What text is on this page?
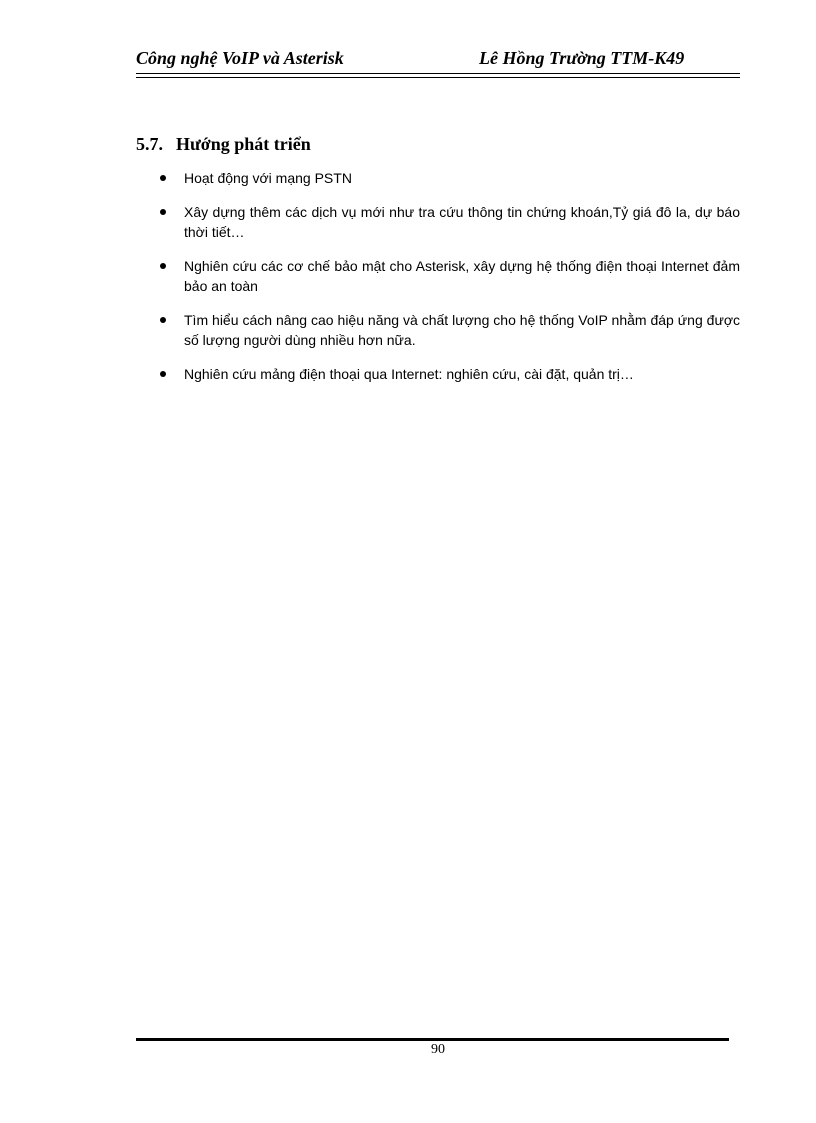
Công nghệ VoIP và Asterisk	Lê Hồng Trường TTM-K49
5.7. Hướng phát triển
Hoạt động với mạng PSTN
Xây dựng thêm các dịch vụ mới như tra cứu thông tin chứng khoán,Tỷ giá đô la, dự báo thời tiết…
Nghiên cứu các cơ chế bảo mật cho Asterisk, xây dựng hệ thống điện thoại Internet đảm bảo an toàn
Tìm hiểu cách nâng cao hiệu năng và chất lượng cho hệ thống VoIP nhằm đáp ứng được số lượng người dùng nhiều hơn nữa.
Nghiên cứu mảng điện thoại qua Internet: nghiên cứu, cài đặt, quản trị…
90
